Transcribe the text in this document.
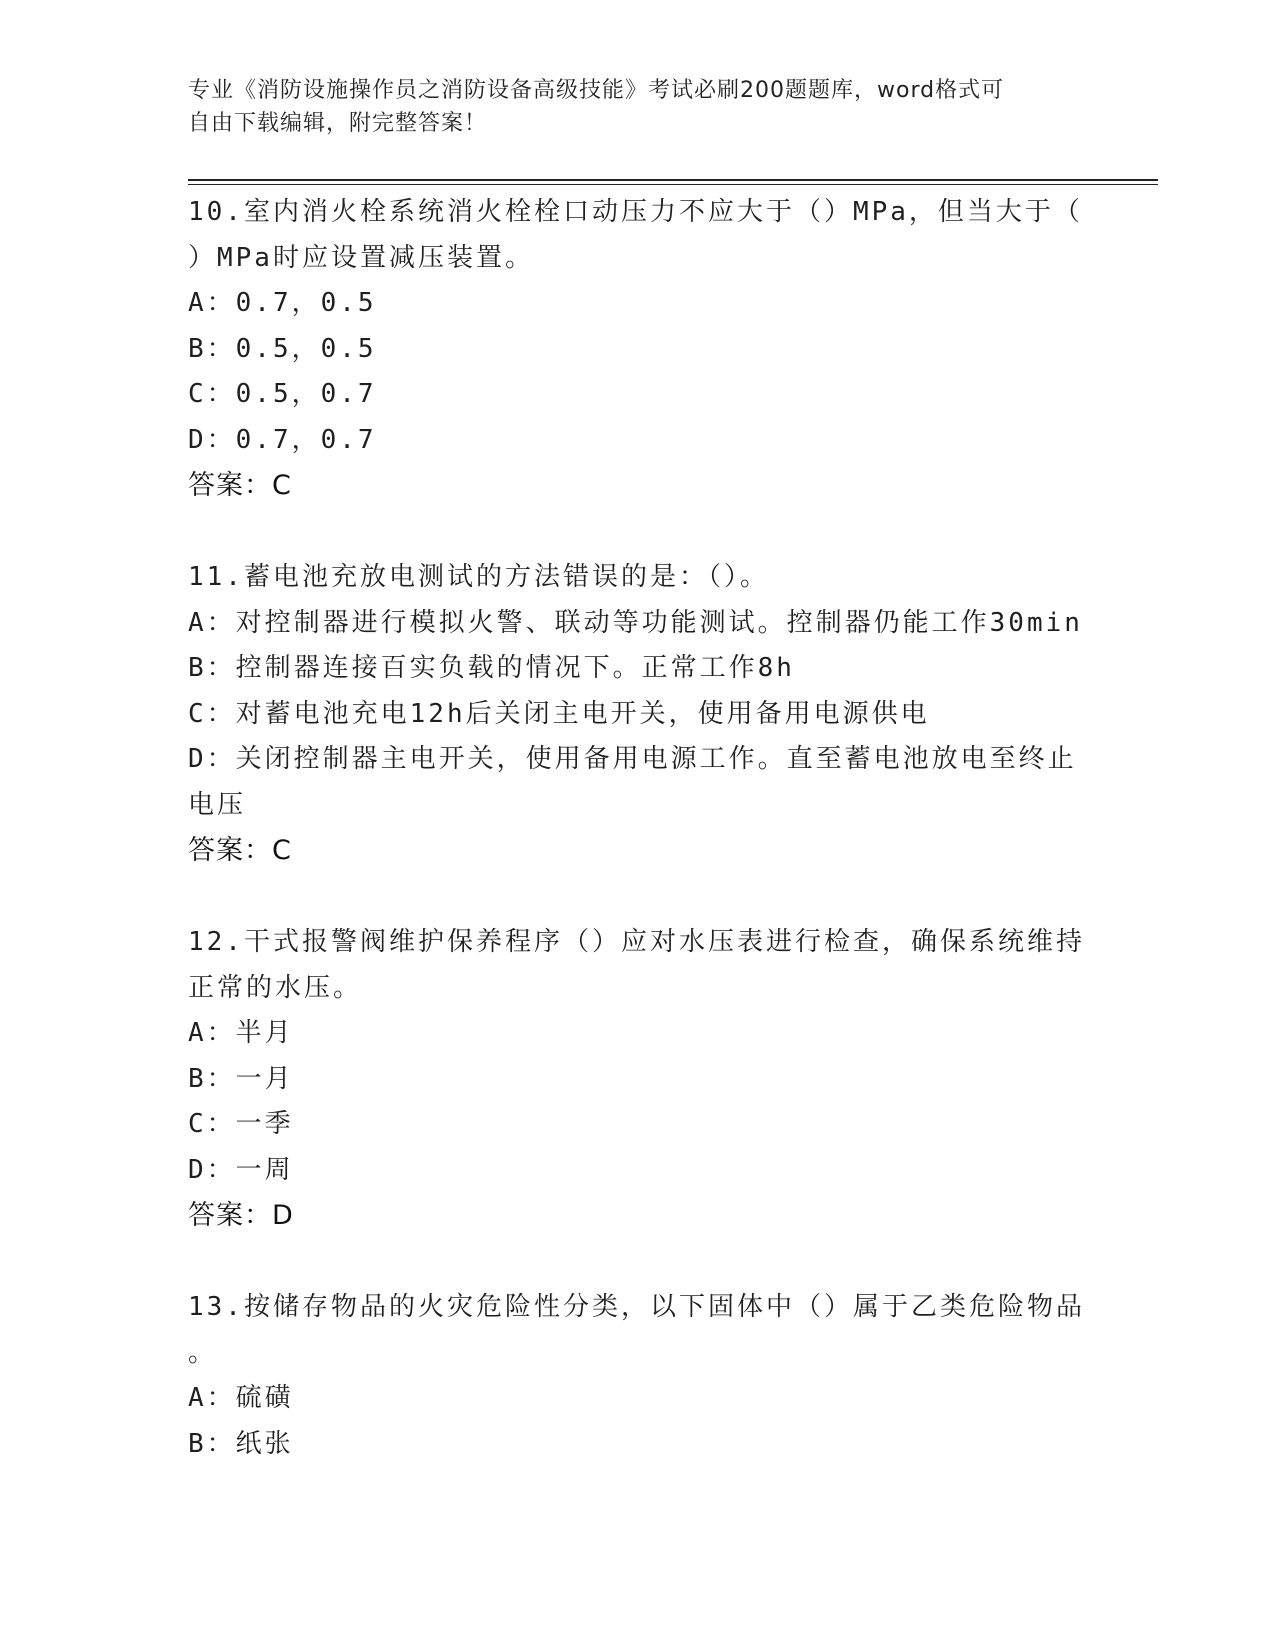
专业《消防设施操作员之消防设备高级技能》考试必刷200题题库，word格式可
自由下载编辑，附完整答案！
10.室内消火栓系统消火栓栓口动压力不应大于（）MPa，但当大于（
）MPa时应设置减压装置。
A：0.7，0.5
B：0.5，0.5
C：0.5，0.7
D：0.7，0.7
答案：C
11.蓄电池充放电测试的方法错误的是：（）。
A：对控制器进行模拟火警、联动等功能测试。控制器仍能工作30min
B：控制器连接百实负载的情况下。正常工作8h
C：对蓄电池充电12h后关闭主电开关，使用备用电源供电
D：关闭控制器主电开关，使用备用电源工作。直至蓄电池放电至终止
电压
答案：C
12.干式报警阀维护保养程序（）应对水压表进行检查，确保系统维持
正常的水压。
A：半月
B：一月
C：一季
D：一周
答案：D
13.按储存物品的火灾危险性分类，以下固体中（）属于乙类危险物品
。
A：硫磺
B：纸张
